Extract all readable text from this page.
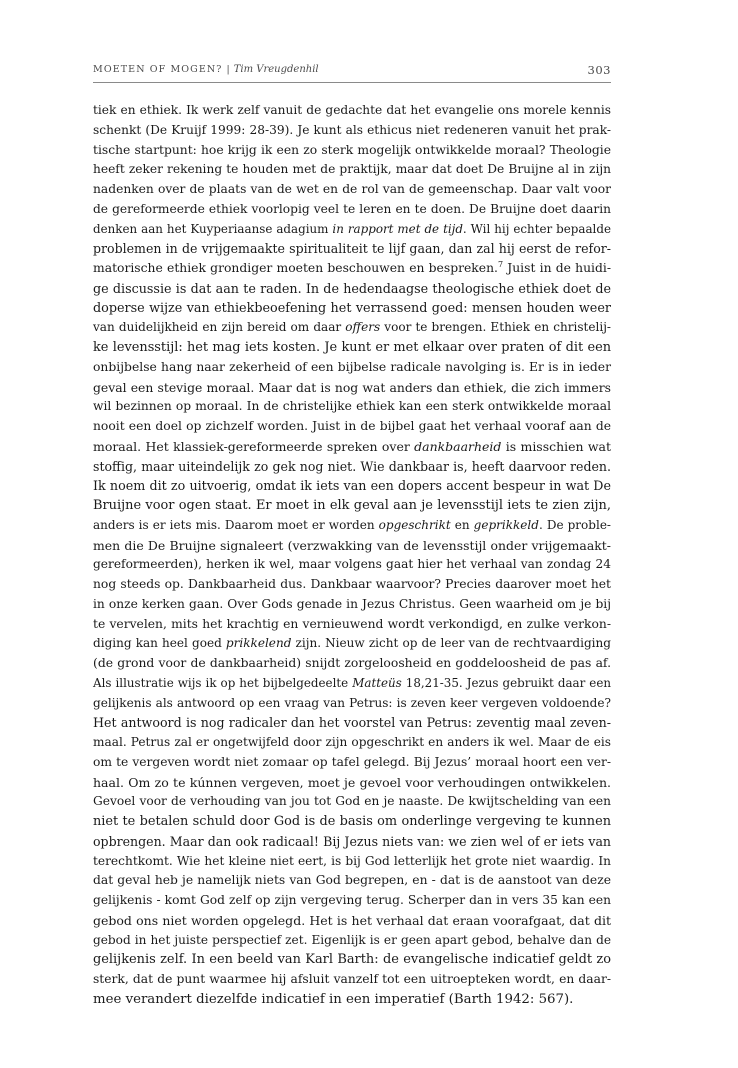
MOETEN OF MOGEN? | Tim Vreugdenhil	303
tiek en ethiek. Ik werk zelf vanuit de gedachte dat het evangelie ons morele kennis
schenkt (De Kruijf 1999: 28-39). Je kunt als ethicus niet redeneren vanuit het prak-
tische startpunt: hoe krijg ik een zo sterk mogelijk ontwikkelde moraal? Theologie
heeft zeker rekening te houden met de praktijk, maar dat doet De Bruijne al in zijn
nadenken over de plaats van de wet en de rol van de gemeenschap. Daar valt voor
de gereformeerde ethiek voorlopig veel te leren en te doen. De Bruijne doet daarin
denken aan het Kuyperiaanse adagium in rapport met de tijd. Wil hij echter bepaalde
problemen in de vrijgemaakte spiritualiteit te lijf gaan, dan zal hij eerst de refor-
matorische ethiek grondiger moeten beschouwen en bespreken.$^7$ Juist in de huidi-
ge discussie is dat aan te raden. In de hedendaagse theologische ethiek doet de
doperse wijze van ethiekbeoefening het verrassend goed: mensen houden weer
van duidelijkheid en zijn bereid om daar offers voor te brengen. Ethiek en christelij-
ke levensstijl: het mag iets kosten. Je kunt er met elkaar over praten of dit een
onbijbelse hang naar zekerheid of een bijbelse radicale navolging is. Er is in ieder
geval een stevige moraal. Maar dat is nog wat anders dan ethiek, die zich immers
wil bezinnen op moraal. In de christelijke ethiek kan een sterk ontwikkelde moraal
nooit een doel op zichzelf worden. Juist in de bijbel gaat het verhaal vooraf aan de
moraal. Het klassiek-gereformeerde spreken over dankbaarheid is misschien wat
stoffig, maar uiteindelijk zo gek nog niet. Wie dankbaar is, heeft daarvoor reden.
Ik noem dit zo uitvoerig, omdat ik iets van een dopers accent bespeur in wat De
Bruijne voor ogen staat. Er moet in elk geval aan je levensstijl iets te zien zijn,
anders is er iets mis. Daarom moet er worden opgeschrikt en geprikkeld. De proble-
men die De Bruijne signaleert (verzwakking van de levensstijl onder vrijgemaakt-
gereformeerden), herken ik wel, maar volgens gaat hier het verhaal van zondag 24
nog steeds op. Dankbaarheid dus. Dankbaar waarvoor? Precies daarover moet het
in onze kerken gaan. Over Gods genade in Jezus Christus. Geen waarheid om je bij
te vervelen, mits het krachtig en vernieuwend wordt verkondigd, en zulke verkon-
diging kan heel goed prikkelend zijn. Nieuw zicht op de leer van de rechtvaardiging
(de grond voor de dankbaarheid) snijdt zorgeloosheid en goddeloosheid de pas af.
Als illustratie wijs ik op het bijbelgedeelte Matteüs 18,21-35. Jezus gebruikt daar een
gelijkenis als antwoord op een vraag van Petrus: is zeven keer vergeven voldoende?
Het antwoord is nog radicaler dan het voorstel van Petrus: zeventig maal zeven-
maal. Petrus zal er ongetwijfeld door zijn opgeschrikt en anders ik wel. Maar de eis
om te vergeven wordt niet zomaar op tafel gelegd. Bij Jezus’ moraal hoort een ver-
haal. Om zo te kúnnen vergeven, moet je gevoel voor verhoudingen ontwikkelen.
Gevoel voor de verhouding van jou tot God en je naaste. De kwijtschelding van een
niet te betalen schuld door God is de basis om onderlinge vergeving te kunnen
opbrengen. Maar dan ook radicaal! Bij Jezus niets van: we zien wel of er iets van
terechtkomt. Wie het kleine niet eert, is bij God letterlijk het grote niet waardig. In
dat geval heb je namelijk niets van God begrepen, en - dat is de aanstoot van deze
gelijkenis - komt God zelf op zijn vergeving terug. Scherper dan in vers 35 kan een
gebod ons niet worden opgelegd. Het is het verhaal dat eraan voorafgaat, dat dit
gebod in het juiste perspectief zet. Eigenlijk is er geen apart gebod, behalve dan de
gelijkenis zelf. In een beeld van Karl Barth: de evangelische indicatief geldt zo
sterk, dat de punt waarmee hij afsluit vanzelf tot een uitroepteken wordt, en daar-
mee verandert diezelfde indicatief in een imperatief (Barth 1942: 567).
